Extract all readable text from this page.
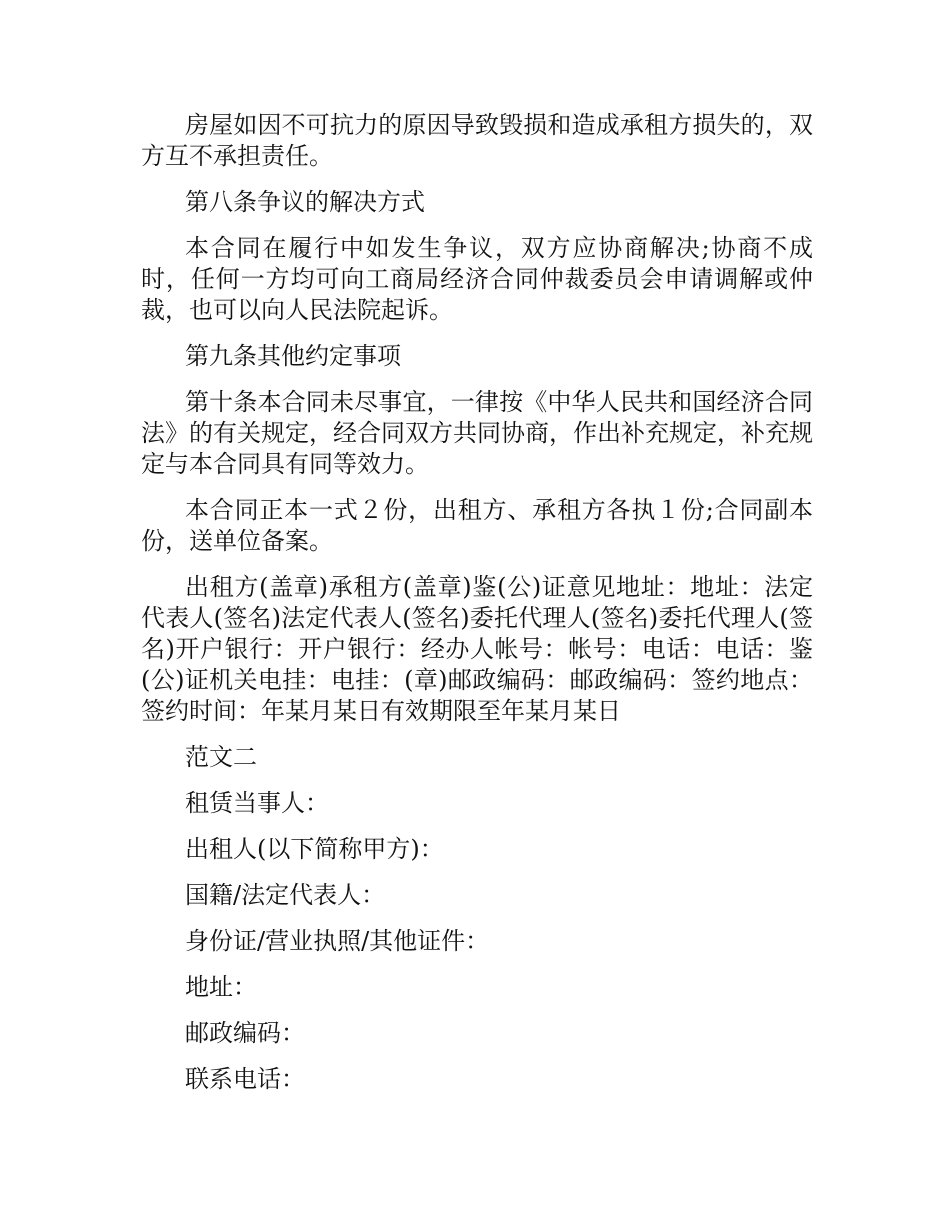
房屋如因不可抗力的原因导致毁损和造成承租方损失的，双方互不承担责任。

第八条争议的解决方式

本合同在履行中如发生争议，双方应协商解决;协商不成时，任何一方均可向工商局经济合同仲裁委员会申请调解或仲裁，也可以向人民法院起诉。

第九条其他约定事项

第十条本合同未尽事宜，一律按《中华人民共和国经济合同法》的有关规定，经合同双方共同协商，作出补充规定，补充规定与本合同具有同等效力。

本合同正本一式２份，出租方、承租方各执１份;合同副本份，送单位备案。

出租方(盖章)承租方(盖章)鉴(公)证意见地址：地址：法定代表人(签名)法定代表人(签名)委托代理人(签名)委托代理人(签名)开户银行：开户银行：经办人帐号：帐号：电话：电话：鉴(公)证机关电挂：电挂：(章)邮政编码：邮政编码：签约地点：签约时间：年某月某日有效期限至年某月某日

范文二

租赁当事人：

出租人(以下简称甲方)：

国籍/法定代表人：

身份证/营业执照/其他证件：

地址：

邮政编码：

联系电话：
